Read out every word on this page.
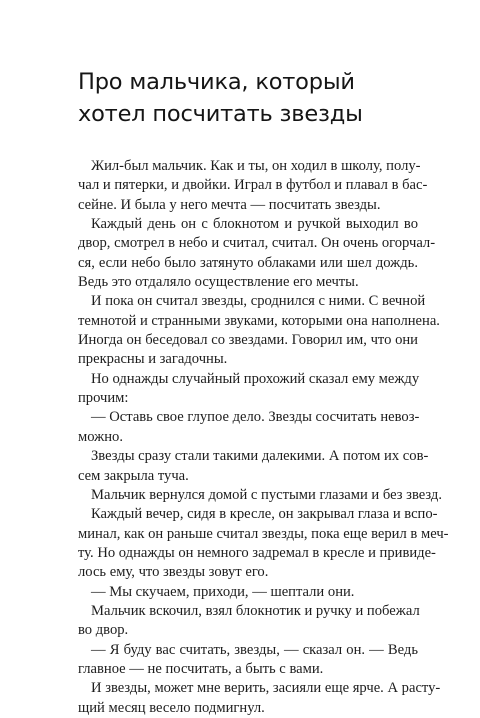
Про мальчика, который
хотел посчитать звезды
Жил-был мальчик. Как и ты, он ходил в школу, полу-
чал и пятерки, и двойки. Играл в футбол и плавал в бас-
сейне. И была у него мечта — посчитать звезды.
Каждый день он с блокнотом и ручкой выходил во
двор, смотрел в небо и считал, считал. Он очень огорчал-
ся, если небо было затянуто облаками или шел дождь.
Ведь это отдаляло осуществление его мечты.
И пока он считал звезды, сроднился с ними. С вечной
темнотой и странными звуками, которыми она наполнена.
Иногда он беседовал со звездами. Говорил им, что они
прекрасны и загадочны.
Но однажды случайный прохожий сказал ему между
прочим:
— Оставь свое глупое дело. Звезды сосчитать невоз-
можно.
Звезды сразу стали такими далекими. А потом их сов-
сем закрыла туча.
Мальчик вернулся домой с пустыми глазами и без звезд.
Каждый вечер, сидя в кресле, он закрывал глаза и вспо-
минал, как он раньше считал звезды, пока еще верил в меч-
ту. Но однажды он немного задремал в кресле и привиде-
лось ему, что звезды зовут его.
— Мы скучаем, приходи, — шептали они.
Мальчик вскочил, взял блокнотик и ручку и побежал
во двор.
— Я буду вас считать, звезды, — сказал он. — Ведь
главное — не посчитать, а быть с вами.
И звезды, может мне верить, засияли еще ярче. А расту-
щий месяц весело подмигнул.
